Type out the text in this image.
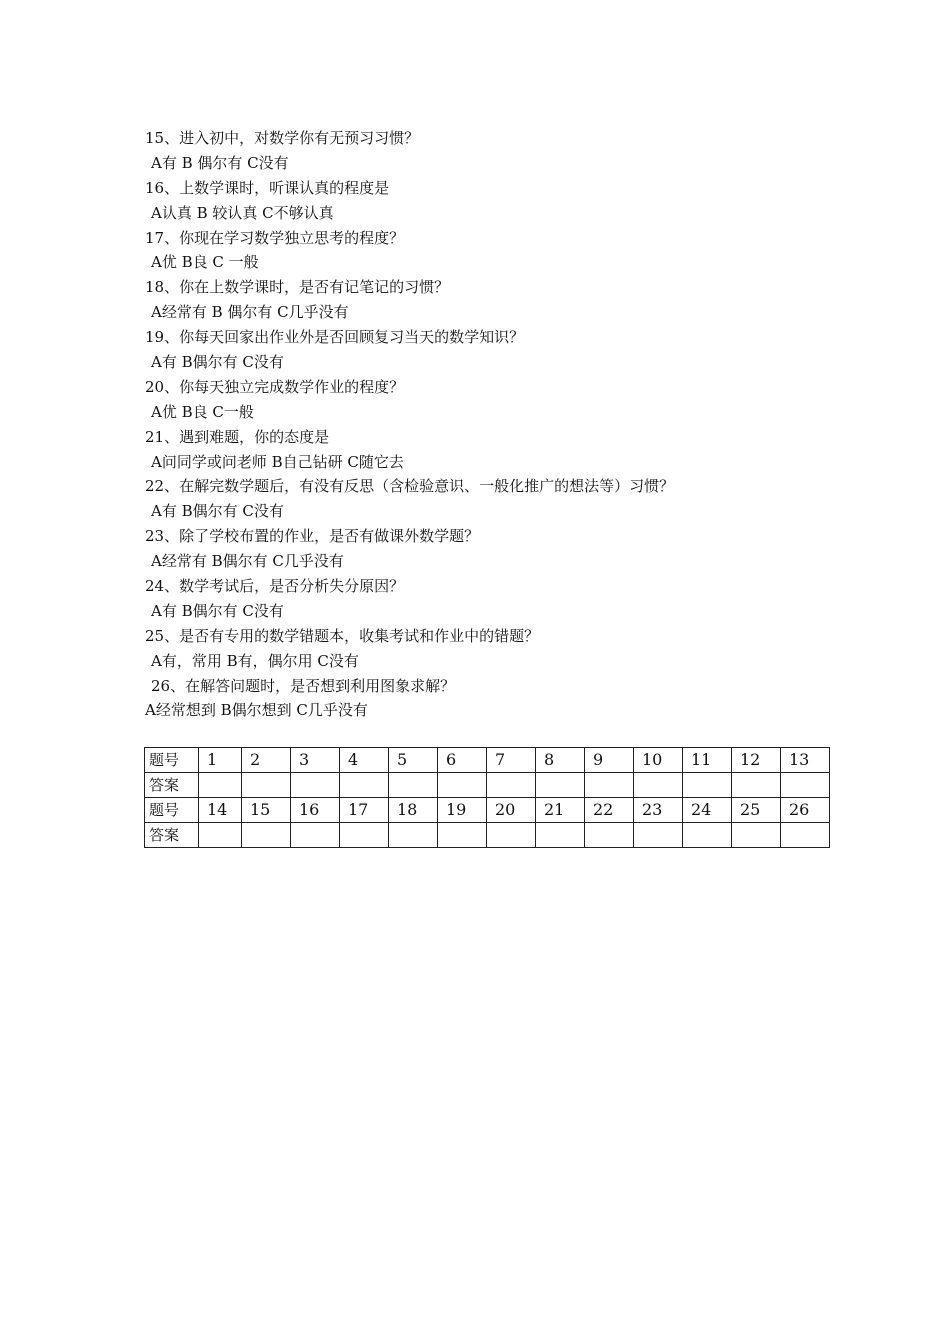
15、进入初中，对数学你有无预习习惯？
A有 B 偶尔有 C没有
16、上数学课时，听课认真的程度是
A认真 B 较认真 C不够认真
17、你现在学习数学独立思考的程度？
A优 B良 C 一般
18、你在上数学课时，是否有记笔记的习惯？
A经常有 B 偶尔有 C几乎没有
19、你每天回家出作业外是否回顾复习当天的数学知识？
A有 B偶尔有 C没有
20、你每天独立完成数学作业的程度？
A优 B良 C一般
21、遇到难题，你的态度是
A问同学或问老师 B自己钻研 C随它去
22、在解完数学题后，有没有反思（含检验意识、一般化推广的想法等）习惯？
A有 B偶尔有 C没有
23、除了学校布置的作业，是否有做课外数学题？
A经常有 B偶尔有 C几乎没有
24、数学考试后，是否分析失分原因？
A有 B偶尔有 C没有
25、是否有专用的数学错题本，收集考试和作业中的错题？
A有，常用 B有，偶尔用 C没有
26、在解答问题时，是否想到利用图象求解？
A经常想到 B偶尔想到 C几乎没有
题号	1	2	3	4	5	6	7	8	9	10	11	12	13
答案													
题号	14	15	16	17	18	19	20	21	22	23	24	25	26
答案													
